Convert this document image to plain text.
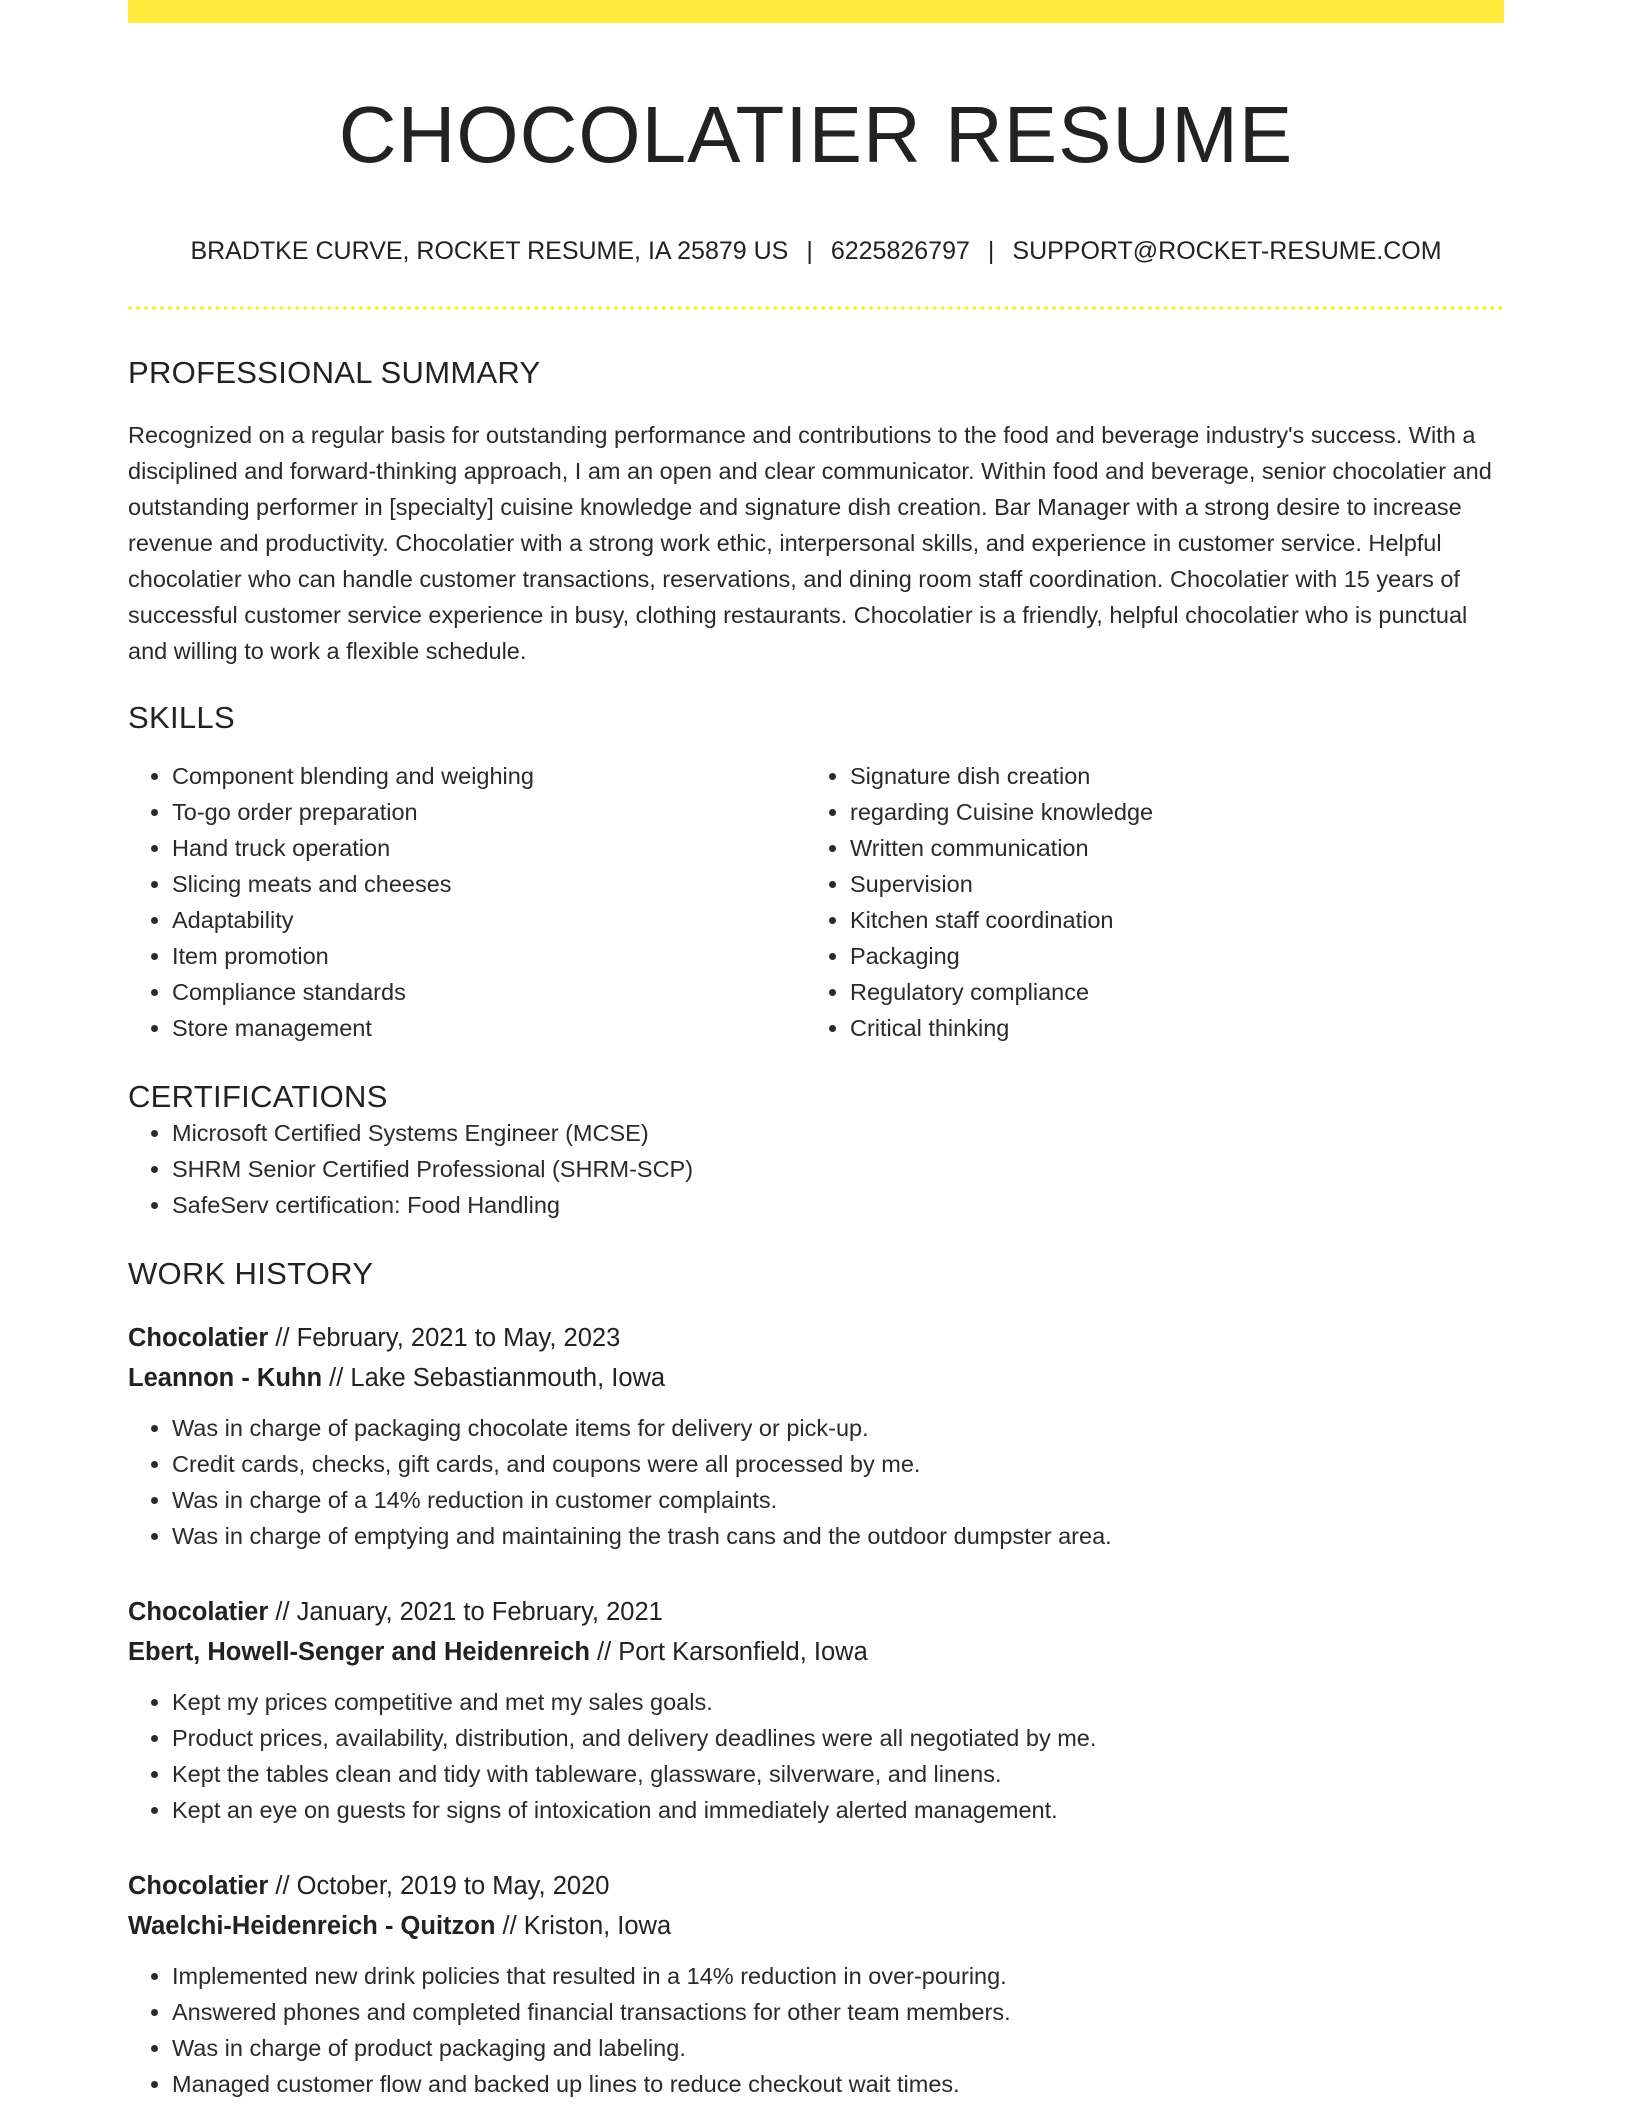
CHOCOLATIER RESUME
BRADTKE CURVE, ROCKET RESUME, IA 25879 US | 6225826797 | SUPPORT@ROCKET-RESUME.COM
PROFESSIONAL SUMMARY

Recognized on a regular basis for outstanding performance and contributions to the food and beverage industry's success. With a disciplined and forward-thinking approach, I am an open and clear communicator. Within food and beverage, senior chocolatier and outstanding performer in [specialty] cuisine knowledge and signature dish creation. Bar Manager with a strong desire to increase revenue and productivity. Chocolatier with a strong work ethic, interpersonal skills, and experience in customer service. Helpful chocolatier who can handle customer transactions, reservations, and dining room staff coordination. Chocolatier with 15 years of successful customer service experience in busy, clothing restaurants. Chocolatier is a friendly, helpful chocolatier who is punctual and willing to work a flexible schedule.

SKILLS
• Component blending and weighing
• To-go order preparation
• Hand truck operation
• Slicing meats and cheeses
• Adaptability
• Item promotion
• Compliance standards
• Store management
• Signature dish creation
• regarding Cuisine knowledge
• Written communication
• Supervision
• Kitchen staff coordination
• Packaging
• Regulatory compliance
• Critical thinking
CERTIFICATIONS
• Microsoft Certified Systems Engineer (MCSE)
• SHRM Senior Certified Professional (SHRM-SCP)
• SafeServ certification: Food Handling
WORK HISTORY
Chocolatier // February, 2021 to May, 2023
Leannon - Kuhn // Lake Sebastianmouth, Iowa
• Was in charge of packaging chocolate items for delivery or pick-up.
• Credit cards, checks, gift cards, and coupons were all processed by me.
• Was in charge of a 14% reduction in customer complaints.
• Was in charge of emptying and maintaining the trash cans and the outdoor dumpster area.
Chocolatier // January, 2021 to February, 2021
Ebert, Howell-Senger and Heidenreich // Port Karsonfield, Iowa
• Kept my prices competitive and met my sales goals.
• Product prices, availability, distribution, and delivery deadlines were all negotiated by me.
• Kept the tables clean and tidy with tableware, glassware, silverware, and linens.
• Kept an eye on guests for signs of intoxication and immediately alerted management.
Chocolatier // October, 2019 to May, 2020
Waelchi-Heidenreich - Quitzon // Kriston, Iowa
• Implemented new drink policies that resulted in a 14% reduction in over-pouring.
• Answered phones and completed financial transactions for other team members.
• Was in charge of product packaging and labeling.
• Managed customer flow and backed up lines to reduce checkout wait times.
